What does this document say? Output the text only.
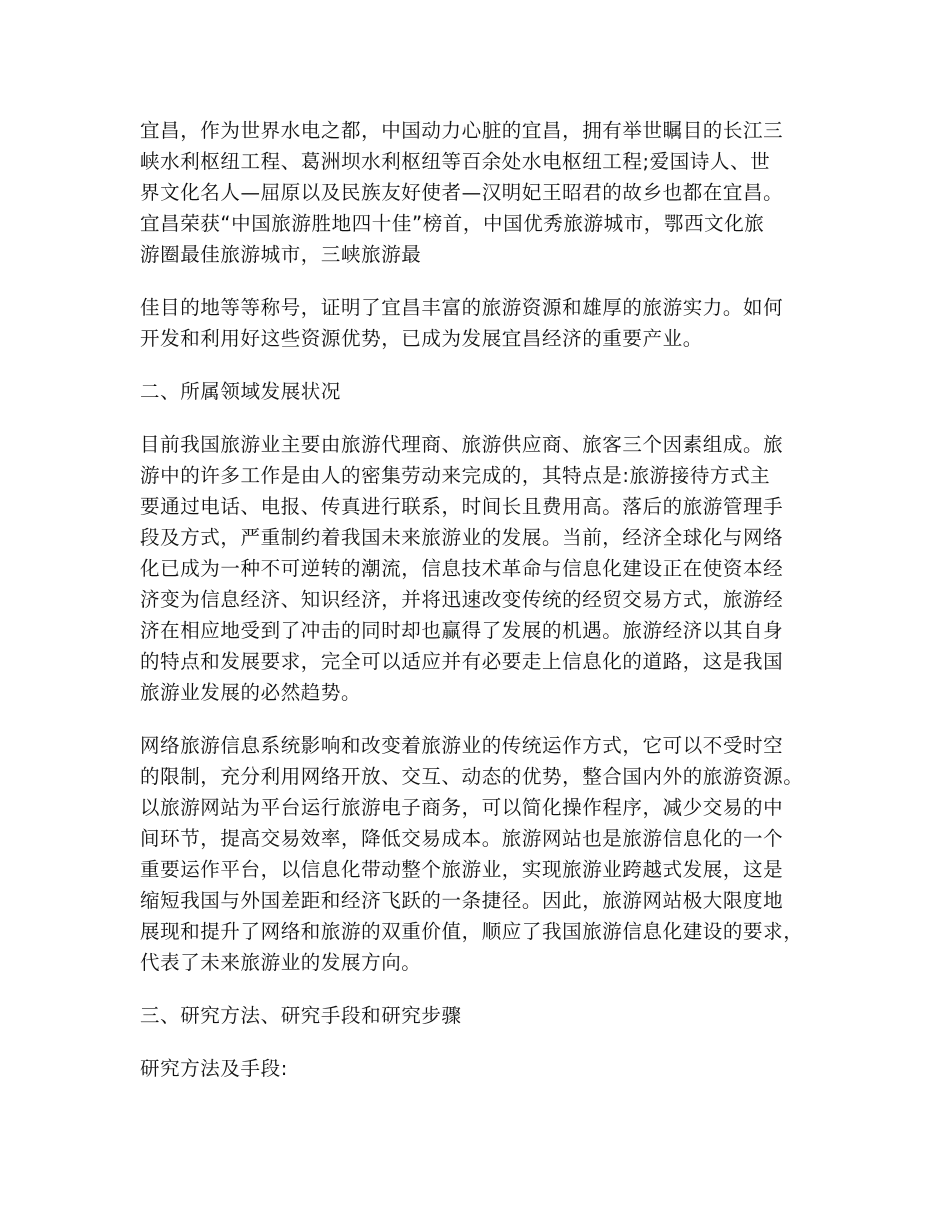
宜昌，作为世界水电之都，中国动力心脏的宜昌，拥有举世瞩目的长江三
峡水利枢纽工程、葛洲坝水利枢纽等百余处水电枢纽工程;爱国诗人、世
界文化名人—屈原以及民族友好使者—汉明妃王昭君的故乡也都在宜昌。
宜昌荣获“中国旅游胜地四十佳”榜首，中国优秀旅游城市，鄂西文化旅
游圈最佳旅游城市，三峡旅游最
佳目的地等等称号，证明了宜昌丰富的旅游资源和雄厚的旅游实力。如何
开发和利用好这些资源优势，已成为发展宜昌经济的重要产业。
二、所属领域发展状况
目前我国旅游业主要由旅游代理商、旅游供应商、旅客三个因素组成。旅
游中的许多工作是由人的密集劳动来完成的，其特点是:旅游接待方式主
要通过电话、电报、传真进行联系，时间长且费用高。落后的旅游管理手
段及方式，严重制约着我国未来旅游业的发展。当前，经济全球化与网络
化已成为一种不可逆转的潮流，信息技术革命与信息化建设正在使资本经
济变为信息经济、知识经济，并将迅速改变传统的经贸交易方式，旅游经
济在相应地受到了冲击的同时却也赢得了发展的机遇。旅游经济以其自身
的特点和发展要求，完全可以适应并有必要走上信息化的道路，这是我国
旅游业发展的必然趋势。
网络旅游信息系统影响和改变着旅游业的传统运作方式，它可以不受时空
的限制，充分利用网络开放、交互、动态的优势，整合国内外的旅游资源。
以旅游网站为平台运行旅游电子商务，可以简化操作程序，减少交易的中
间环节，提高交易效率，降低交易成本。旅游网站也是旅游信息化的一个
重要运作平台，以信息化带动整个旅游业，实现旅游业跨越式发展，这是
缩短我国与外国差距和经济飞跃的一条捷径。因此，旅游网站极大限度地
展现和提升了网络和旅游的双重价值，顺应了我国旅游信息化建设的要求，
代表了未来旅游业的发展方向。
三、研究方法、研究手段和研究步骤
研究方法及手段:
